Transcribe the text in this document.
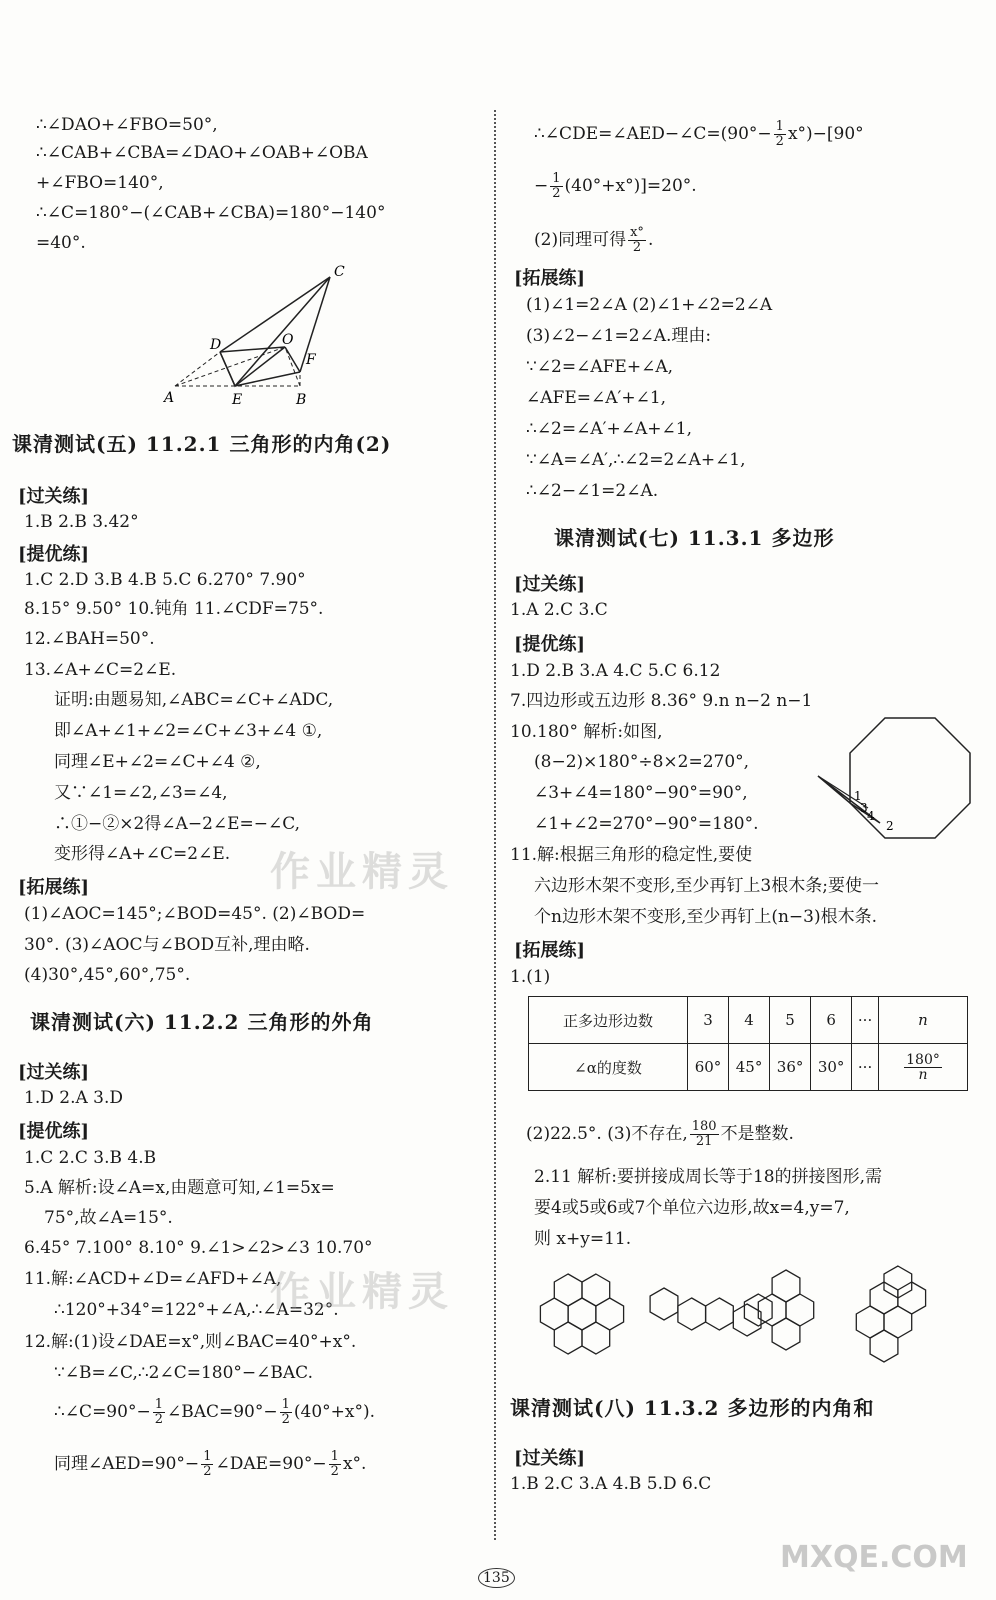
∴∠DAO+∠FBO=50°,
∴∠CAB+∠CBA=∠DAO+∠OAB+∠OBA
+∠FBO=140°,
∴∠C=180°−(∠CAB+∠CBA)=180°−140°
=40°.
C
D	O
F
A	E	B
课清测试(五) 11.2.1 三角形的内角(2)
[过关练]
1.B 2.B 3.42°
[提优练]
1.C 2.D 3.B 4.B 5.C 6.270° 7.90°
8.15° 9.50° 10.钝角 11.∠CDF=75°.
12.∠BAH=50°.
13.∠A+∠C=2∠E.
证明:由题易知,∠ABC=∠C+∠ADC,
即∠A+∠1+∠2=∠C+∠3+∠4 ①,
同理∠E+∠2=∠C+∠4 ②,
又∵∠1=∠2,∠3=∠4,
∴①−②×2得∠A−2∠E=−∠C,
变形得∠A+∠C=2∠E.
[拓展练]
(1)∠AOC=145°;∠BOD=45°. (2)∠BOD=
30°. (3)∠AOC与∠BOD互补,理由略.
(4)30°,45°,60°,75°.
课清测试(六) 11.2.2 三角形的外角
[过关练]
1.D 2.A 3.D
[提优练]
1.C 2.C 3.B 4.B
5.A 解析:设∠A=x,由题意可知,∠1=5x=
75°,故∠A=15°.
6.45° 7.100° 8.10° 9.∠1>∠2>∠3 10.70°
11.解:∠ACD+∠D=∠AFD+∠A,
∴120°+34°=122°+∠A,∴∠A=32°.
12.解:(1)设∠DAE=x°,则∠BAC=40°+x°.
∵∠B=∠C,∴2∠C=180°−∠BAC.
∴∠C=90°− $\frac{1}{2}$ ∠BAC=90°− $\frac{1}{2} (40^\circ+x^\circ)$.
同理∠AED=90°− $\frac{1}{2}$ ∠DAE=90°− $\frac{1}{2} x^\circ$.
作业精灵
作业精灵
∴∠CDE=∠AED−∠C=(90°− $\frac{1}{2} x^\circ)-[90^\circ$
− $\frac{1}{2} (40^\circ+x^\circ)]=20^\circ$.
(2)同理可得 $\frac{x^\circ}{2}$ .
[拓展练]
(1)∠1=2∠A (2)∠1+∠2=2∠A
(3)∠2−∠1=2∠A.理由:
∵∠2=∠AFE+∠A,
∠AFE=∠A′+∠1,
∴∠2=∠A′+∠A+∠1,
∵∠A=∠A′,∴∠2=2∠A+∠1,
∴∠2−∠1=2∠A.
课清测试(七) 11.3.1 多边形
[过关练]
1.A 2.C 3.C
[提优练]
1.D 2.B 3.A 4.C 5.C 6.12
7.四边形或五边形 8.36° 9.n n−2 n−1
10.180° 解析:如图,
(8−2)×180°÷8×2=270°,
∠3+∠4=180°−90°=90°,
∠1+∠2=270°−90°=180°.
11.解:根据三角形的稳定性,要使
六边形木架不变形,至少再钉上3根木条;要使一
个n边形木架不变形,至少再钉上(n−3)根木条.
1
3
4
2
[拓展练]
1.(1)
正多边形边数	3	4	5	6	···	n
∠α的度数	60°	45°	36°	30°	···	$\frac{180^\circ}{n}$
(2)22.5°. (3)不存在, $\frac{180}{21}$ 不是整数.
2.11 解析:要拼接成周长等于18的拼接图形,需
要4或5或6或7个单位六边形,故x=4,y=7,
则 x+y=11.
课清测试(八) 11.3.2 多边形的内角和
[过关练]
1.B 2.C 3.A 4.B 5.D 6.C
135
MXQE.COM
